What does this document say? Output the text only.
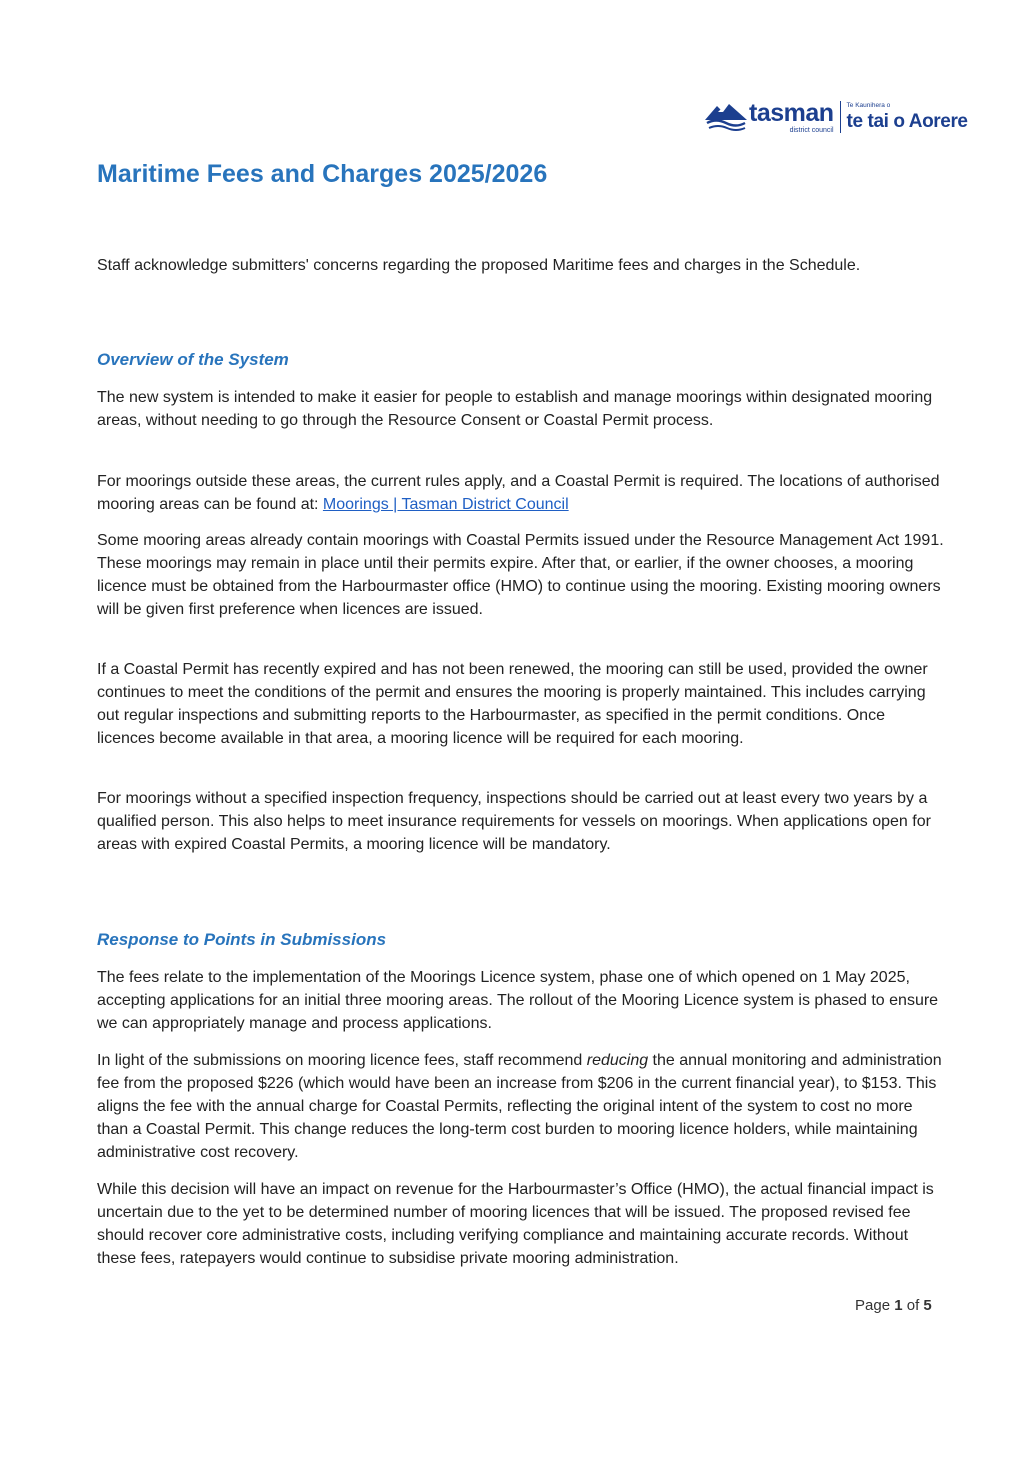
tasman
district council
Te Kaunihera o
te tai o Aorere
Maritime Fees and Charges 2025/2026

Staff acknowledge submitters' concerns regarding the proposed Maritime fees and charges in the Schedule.

Overview of the System

The new system is intended to make it easier for people to establish and manage moorings within designated mooring areas, without needing to go through the Resource Consent or Coastal Permit process.

For moorings outside these areas, the current rules apply, and a Coastal Permit is required. The locations of authorised mooring areas can be found at: Moorings | Tasman District Council

Some mooring areas already contain moorings with Coastal Permits issued under the Resource Management Act 1991. These moorings may remain in place until their permits expire. After that, or earlier, if the owner chooses, a mooring licence must be obtained from the Harbourmaster office (HMO) to continue using the mooring. Existing mooring owners will be given first preference when licences are issued.

If a Coastal Permit has recently expired and has not been renewed, the mooring can still be used, provided the owner continues to meet the conditions of the permit and ensures the mooring is properly maintained. This includes carrying out regular inspections and submitting reports to the Harbourmaster, as specified in the permit conditions. Once licences become available in that area, a mooring licence will be required for each mooring.

For moorings without a specified inspection frequency, inspections should be carried out at least every two years by a qualified person. This also helps to meet insurance requirements for vessels on moorings. When applications open for areas with expired Coastal Permits, a mooring licence will be mandatory.

Response to Points in Submissions

The fees relate to the implementation of the Moorings Licence system, phase one of which opened on 1 May 2025, accepting applications for an initial three mooring areas. The rollout of the Mooring Licence system is phased to ensure we can appropriately manage and process applications.

In light of the submissions on mooring licence fees, staff recommend reducing the annual monitoring and administration fee from the proposed $226 (which would have been an increase from $206 in the current financial year), to $153. This aligns the fee with the annual charge for Coastal Permits, reflecting the original intent of the system to cost no more than a Coastal Permit. This change reduces the long-term cost burden to mooring licence holders, while maintaining administrative cost recovery.

While this decision will have an impact on revenue for the Harbourmaster’s Office (HMO), the actual financial impact is uncertain due to the yet to be determined number of mooring licences that will be issued. The proposed revised fee should recover core administrative costs, including verifying compliance and maintaining accurate records. Without these fees, ratepayers would continue to subsidise private mooring administration.

Page 1 of 5
